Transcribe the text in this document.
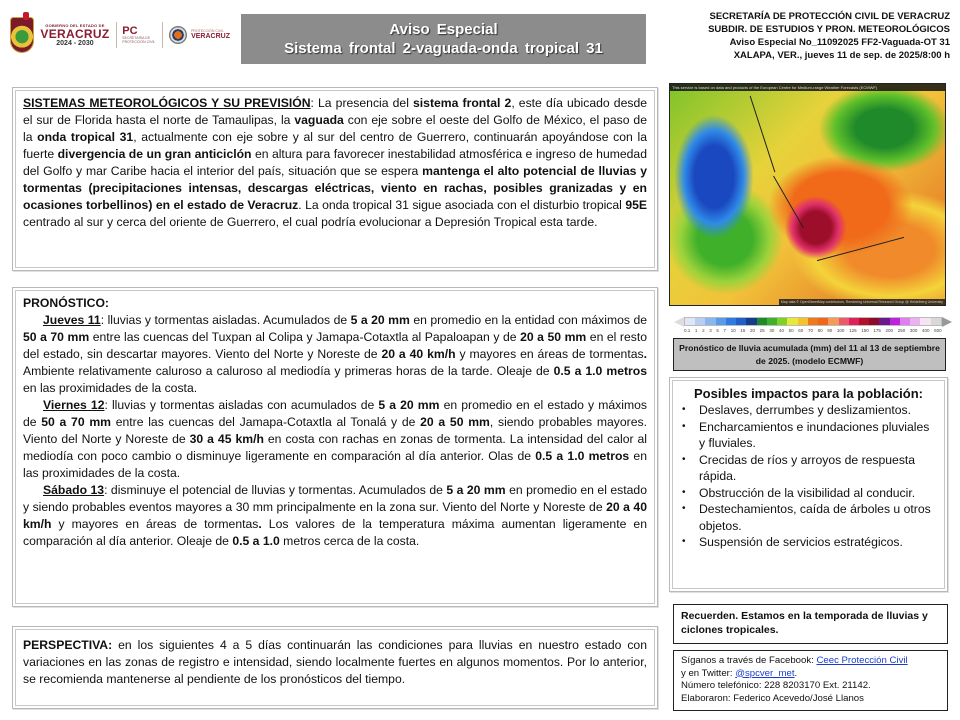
GOBIERNO DEL ESTADO DE
VERACRUZ
2024 - 2030
PC
SECRETARÍA DE PROTECCIÓN CIVIL
PROTECCIÓN CIVIL
VERACRUZ	Aviso Especial
Sistema frontal 2-vaguada-onda tropical 31
SECRETARÍA DE PROTECCIÓN CIVIL DE VERACRUZ
SUBDIR. DE ESTUDIOS Y PRON. METEOROLÓGICOS
Aviso Especial No_11092025 FF2-Vaguada-OT 31
XALAPA, VER., jueves 11 de sep. de 2025/8:00 h
SISTEMAS METEOROLÓGICOS Y SU PREVISIÓN: La presencia del sistema frontal 2, este día ubicado desde el sur de Florida hasta el norte de Tamaulipas, la vaguada con eje sobre el oeste del Golfo de México, el paso de la onda tropical 31, actualmente con eje sobre y al sur del centro de Guerrero, continuarán apoyándose con la fuerte divergencia de un gran anticiclón en altura para favorecer inestabilidad atmosférica e ingreso de humedad del Golfo y mar Caribe hacia el interior del país, situación que se espera mantenga el alto potencial de lluvias y tormentas (precipitaciones intensas, descargas eléctricas, viento en rachas, posibles granizadas y en ocasiones torbellinos) en el estado de Veracruz. La onda tropical 31 sigue asociada con el disturbio tropical 95E centrado al sur y cerca del oriente de Guerrero, el cual podría evolucionar a Depresión Tropical esta tarde.
PRONÓSTICO:
Jueves 11: lluvias y tormentas aisladas. Acumulados de 5 a 20 mm en promedio en la entidad con máximos de 50 a 70 mm entre las cuencas del Tuxpan al Colipa y Jamapa-Cotaxtla al Papaloapan y de 20 a 50 mm en el resto del estado, sin descartar mayores. Viento del Norte y Noreste de 20 a 40 km/h y mayores en áreas de tormentas. Ambiente relativamente caluroso a caluroso al mediodía y primeras horas de la tarde. Oleaje de 0.5 a 1.0 metros en las proximidades de la costa.
Viernes 12: lluvias y tormentas aisladas con acumulados de 5 a 20 mm en promedio en el estado y máximos de 50 a 70 mm entre las cuencas del Jamapa-Cotaxtla al Tonalá y de 20 a 50 mm, siendo probables mayores. Viento del Norte y Noreste de 30 a 45 km/h en costa con rachas en zonas de tormenta. La intensidad del calor al mediodía con poco cambio o disminuye ligeramente en comparación al día anterior. Olas de 0.5 a 1.0 metros en las proximidades de la costa.
Sábado 13: disminuye el potencial de lluvias y tormentas. Acumulados de 5 a 20 mm en promedio en el estado y siendo probables eventos mayores a 30 mm principalmente en la zona sur. Viento del Norte y Noreste de 20 a 40 km/h y mayores en áreas de tormentas. Los valores de la temperatura máxima aumentan ligeramente en comparación al día anterior. Oleaje de 0.5 a 1.0 metros cerca de la costa.
PERSPECTIVA: en los siguientes 4 a 5 días continuarán las condiciones para lluvias en nuestro estado con variaciones en las zonas de registro e intensidad, siendo localmente fuertes en algunos momentos. Por lo anterior, se recomienda mantenerse al pendiente de los pronósticos del tiempo.
This service is based on data and products of the European Centre for Medium-range Weather Forecasts (ECMWF)
Map data © OpenStreetMap contributors, Rendering Universal Research Group @ Heidelberg University
0.1 1 2 3 5 7 10 15 20 25 30 40 50 60 70 80 90 100 125 150 175 200 250 300 400 500
Pronóstico de lluvia acumulada (mm) del 11 al 13 de septiembre de 2025. (modelo ECMWF)
Posibles impactos para la población:
• Deslaves, derrumbes y deslizamientos.
• Encharcamientos e inundaciones pluviales y fluviales.
• Crecidas de ríos y arroyos de respuesta rápida.
• Obstrucción de la visibilidad al conducir.
• Destechamientos, caída de árboles u otros objetos.
• Suspensión de servicios estratégicos.
Recuerden. Estamos en la temporada de lluvias y ciclones tropicales.
Síganos a través de Facebook: Ceec Protección Civil
y en Twitter: @spcver_met.
Número telefónico: 228 8203170 Ext. 21142.
Elaboraron: Federico Acevedo/José Llanos
